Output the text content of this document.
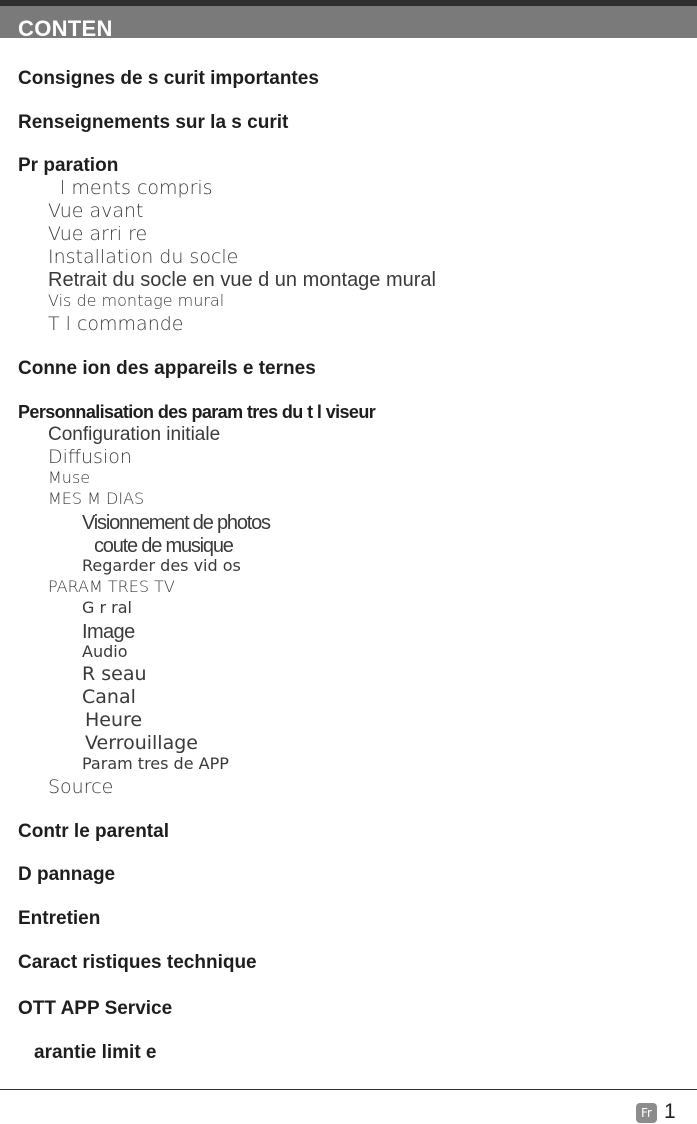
CONTEN
Consignes de s curit importantes
Renseignements sur la s curit
Pr paration
l ments compris
Vue avant
Vue arri re
Installation du socle
Retrait du socle en vue d un montage mural
Vis de montage mural
T l commande
Conne ion des appareils e ternes
Personnalisation des param tres du t l viseur
Configuration initiale
Diffusion
Muse
MES M DIAS
Visionnement de photos
coute de musique
Regarder des vid os
PARAM TRES TV
G r ral
Image
Audio
R seau
Canal
Heure
Verrouillage
Param tres de APP
Source
Contr le parental
D pannage
Entretien
Caract ristiques technique
OTT APP Service
arantie limit e
Fr 1
